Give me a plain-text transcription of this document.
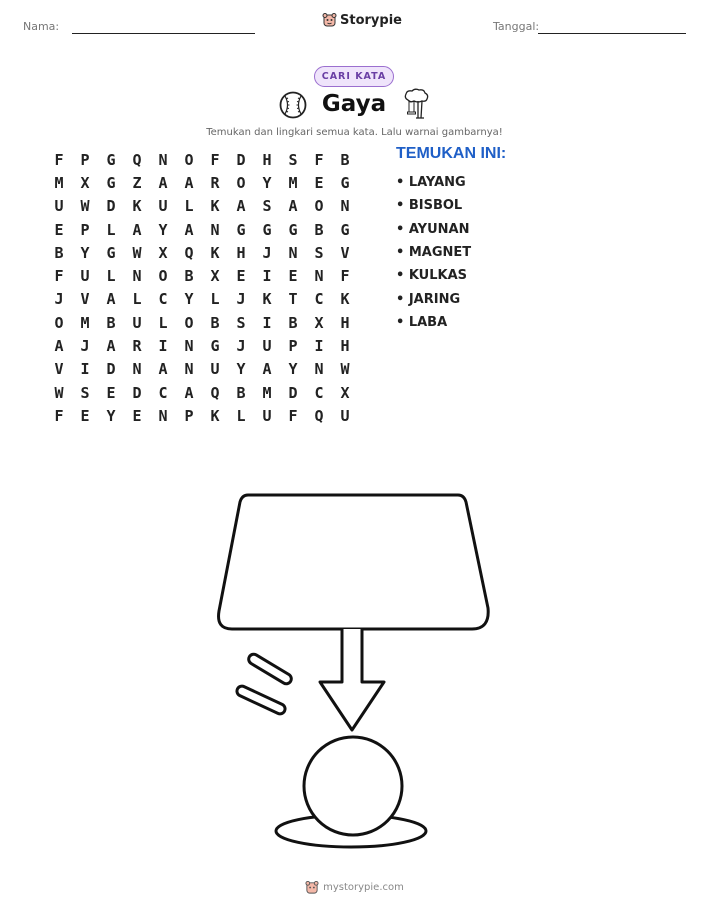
Nama:	Storypie	Tanggal:
CARI KATA
Gaya
Temukan dan lingkari semua kata. Lalu warnai gambarnya!
F	P	G	Q	N	O	F	D	H	S	F	B
M	X	G	Z	A	A	R	O	Y	M	E	G
U	W	D	K	U	L	K	A	S	A	O	N
E	P	L	A	Y	A	N	G	G	G	B	G
B	Y	G	W	X	Q	K	H	J	N	S	V
F	U	L	N	O	B	X	E	I	E	N	F
J	V	A	L	C	Y	L	J	K	T	C	K
O	M	B	U	L	O	B	S	I	B	X	H
A	J	A	R	I	N	G	J	U	P	I	H
V	I	D	N	A	N	U	Y	A	Y	N	W
W	S	E	D	C	A	Q	B	M	D	C	X
F	E	Y	E	N	P	K	L	U	F	Q	U
TEMUKAN INI:
• LAYANG
• BISBOL
• AYUNAN
• MAGNET
• KULKAS
• JARING
• LABA
mystorypie.com
